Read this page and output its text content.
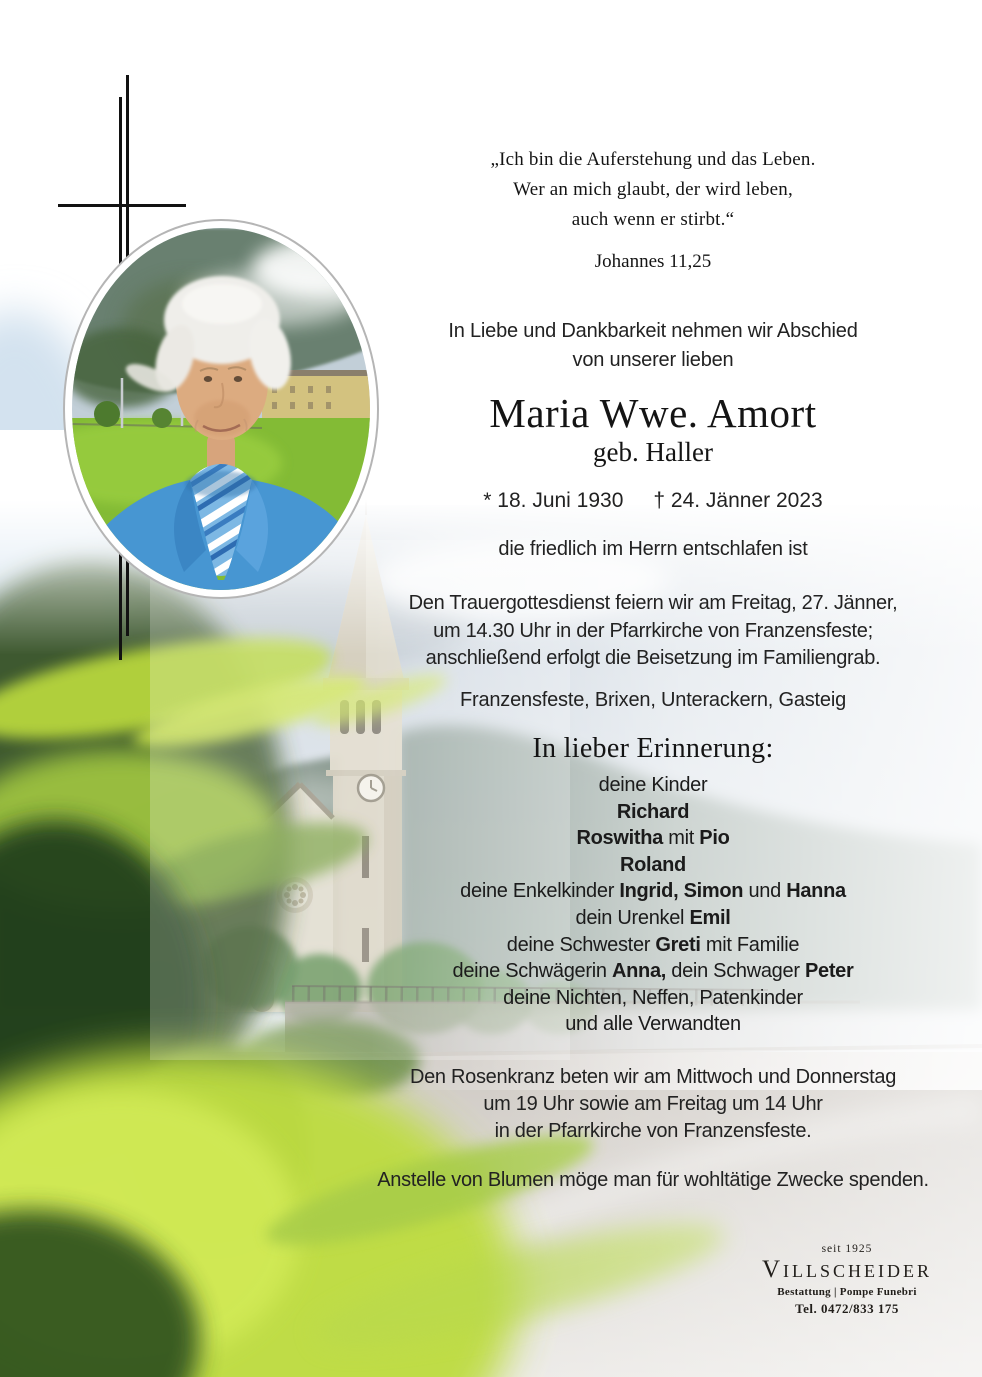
„Ich bin die Auferstehung und das Leben.
Wer an mich glaubt, der wird leben,
auch wenn er stirbt.“
Johannes 11,25
In Liebe und Dankbarkeit nehmen wir Abschied
von unserer lieben
Maria Wwe. Amort
geb. Haller
* 18. Juni 1930 † 24. Jänner 2023
die friedlich im Herrn entschlafen ist
Den Trauergottesdienst feiern wir am Freitag, 27. Jänner,
um 14.30 Uhr in der Pfarrkirche von Franzensfeste;
anschließend erfolgt die Beisetzung im Familiengrab.
Franzensfeste, Brixen, Unterackern, Gasteig
In lieber Erinnerung:
deine Kinder
Richard
Roswitha mit Pio
Roland
deine Enkelkinder Ingrid, Simon und Hanna
dein Urenkel Emil
deine Schwester Greti mit Familie
deine Schwägerin Anna, dein Schwager Peter
deine Nichten, Neffen, Patenkinder
und alle Verwandten
Den Rosenkranz beten wir am Mittwoch und Donnerstag
um 19 Uhr sowie am Freitag um 14 Uhr
in der Pfarrkirche von Franzensfeste.
Anstelle von Blumen möge man für wohltätige Zwecke spenden.
seit 1925
VILLSCHEIDER
Bestattung | Pompe Funebri
Tel. 0472/833 175
